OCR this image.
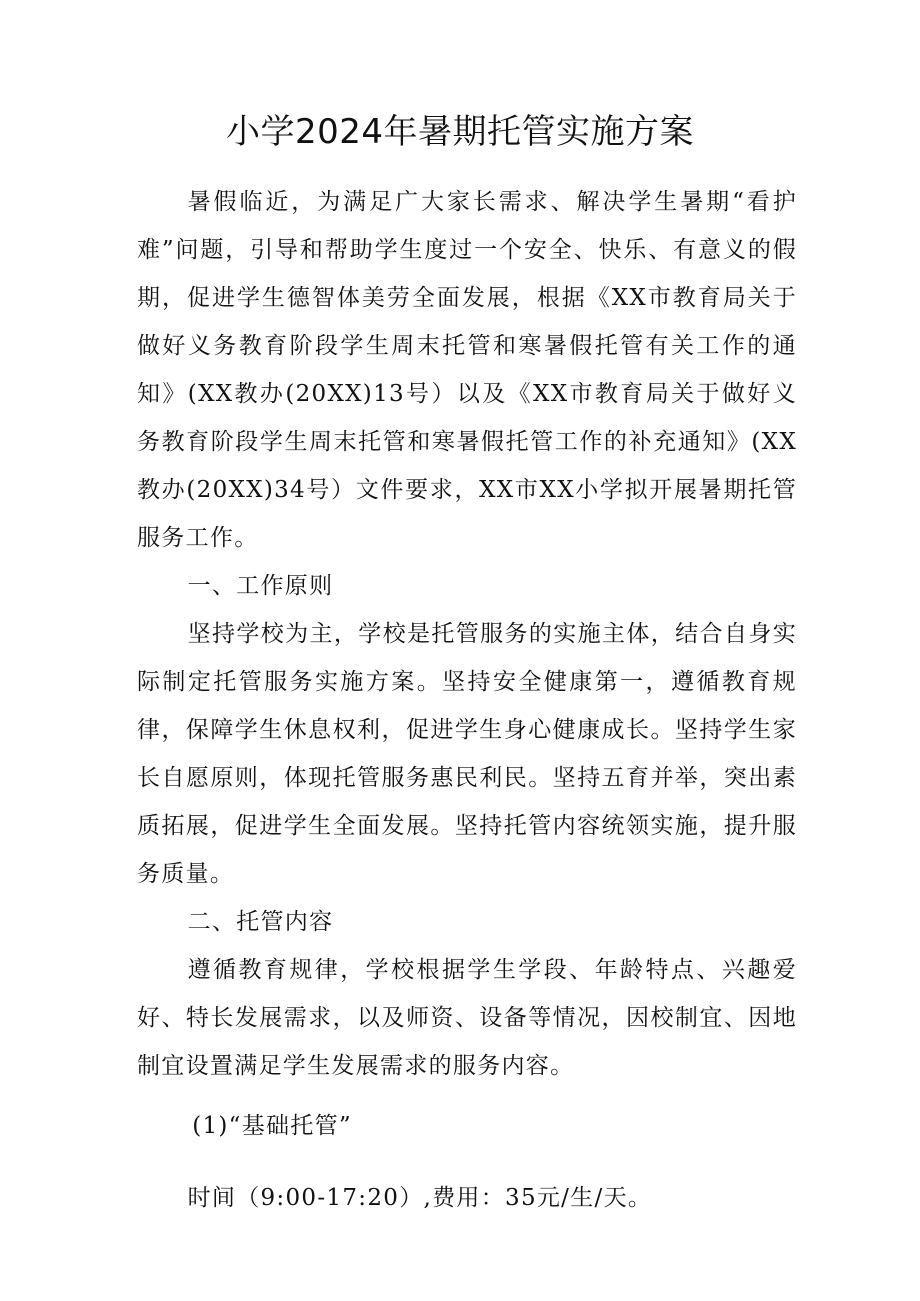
小学2024年暑期托管实施方案

暑假临近，为满足广大家长需求、解决学生暑期“看护难”问题，引导和帮助学生度过一个安全、快乐、有意义的假期，促进学生德智体美劳全面发展，根据《XX市教育局关于做好义务教育阶段学生周末托管和寒暑假托管有关工作的通知》(XX教办(20XX)13号）以及《XX市教育局关于做好义务教育阶段学生周末托管和寒暑假托管工作的补充通知》(XX教办(20XX)34号）文件要求，XX市XX小学拟开展暑期托管服务工作。

一、工作原则

坚持学校为主，学校是托管服务的实施主体，结合自身实际制定托管服务实施方案。坚持安全健康第一，遵循教育规律，保障学生休息权利，促进学生身心健康成长。坚持学生家长自愿原则，体现托管服务惠民利民。坚持五育并举，突出素质拓展，促进学生全面发展。坚持托管内容统领实施，提升服务质量。

二、托管内容

遵循教育规律，学校根据学生学段、年龄特点、兴趣爱好、特长发展需求，以及师资、设备等情况，因校制宜、因地制宜设置满足学生发展需求的服务内容。

(1)“基础托管”

时间（9:00-17:20）,费用：35元/生/天。
